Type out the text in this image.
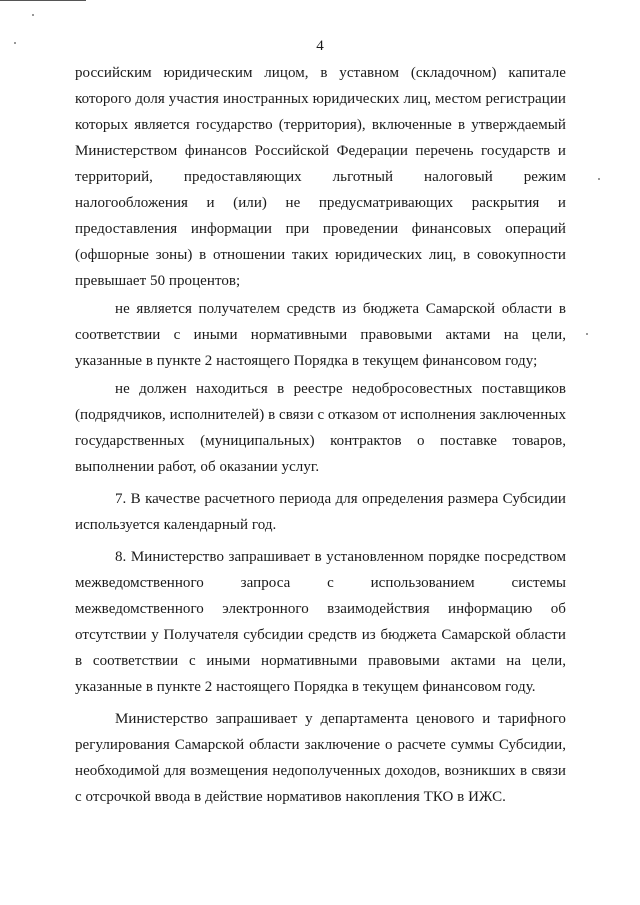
4

российским юридическим лицом, в уставном (складочном) капитале которого доля участия иностранных юридических лиц, местом регистрации которых является государство (территория), включенные в утверждаемый Министерством финансов Российской Федерации перечень государств и территорий, предоставляющих льготный налоговый режим налогообложения и (или) не предусматривающих раскрытия и предоставления информации при проведении финансовых операций (офшорные зоны) в отношении таких юридических лиц, в совокупности превышает 50 процентов;

не является получателем средств из бюджета Самарской области в соответствии с иными нормативными правовыми актами на цели, указанные в пункте 2 настоящего Порядка в текущем финансовом году;

не должен находиться в реестре недобросовестных поставщиков (подрядчиков, исполнителей) в связи с отказом от исполнения заключенных государственных (муниципальных) контрактов о поставке товаров, выполнении работ, об оказании услуг.

7. В качестве расчетного периода для определения размера Субсидии используется календарный год.

8. Министерство запрашивает в установленном порядке посредством межведомственного запроса с использованием системы межведомственного электронного взаимодействия информацию об отсутствии у Получателя субсидии средств из бюджета Самарской области в соответствии с иными нормативными правовыми актами на цели, указанные в пункте 2 настоящего Порядка в текущем финансовом году.

Министерство запрашивает у департамента ценового и тарифного регулирования Самарской области заключение о расчете суммы Субсидии, необходимой для возмещения недополученных доходов, возникших в связи с отсрочкой ввода в действие нормативов накопления ТКО в ИЖС.
